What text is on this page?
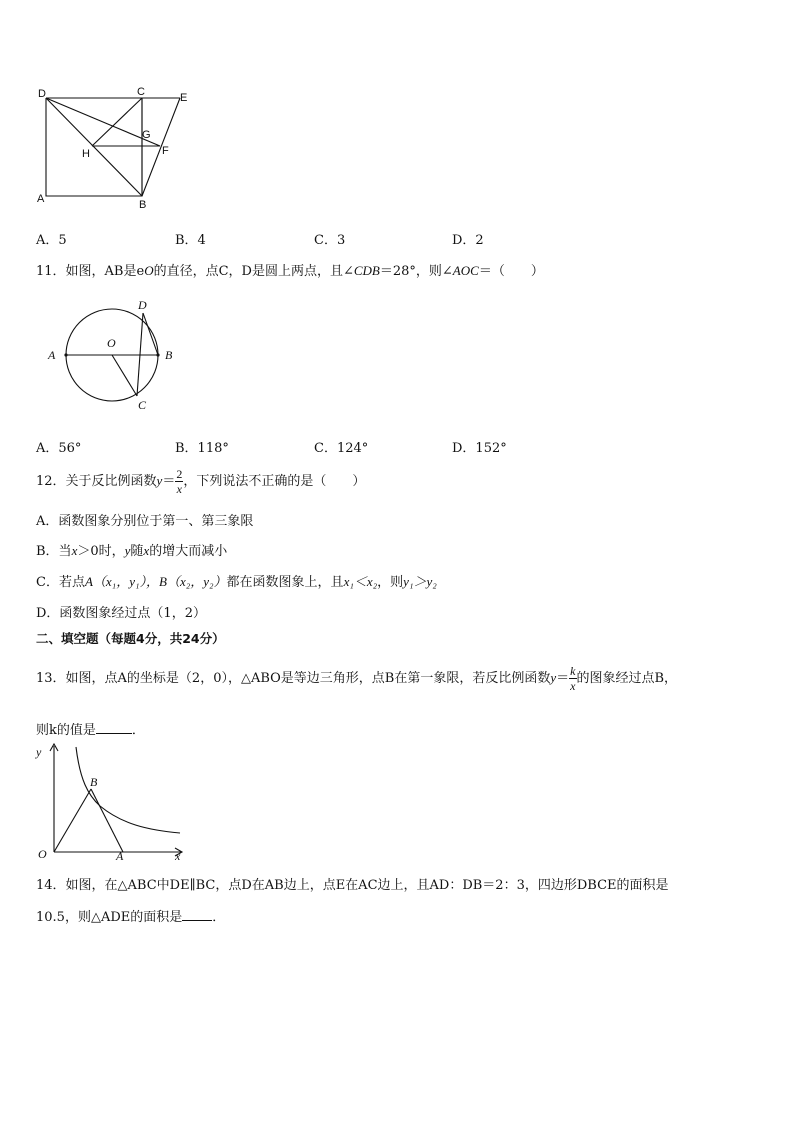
D	C	E
G
H	F
A	B
A．5	B．4	C．3	D．2
11．如图，AB是eO的直径，点C，D是圆上两点，且∠CDB＝28°，则∠AOC＝（　　）
A
O
B
C
D
A．56°	B．118°	C．124°	D．152°
12．关于反比例函数$y= \frac{2}{x}$ ，下列说法不正确的是（　　）
A．函数图象分别位于第一、第三象限
B．当x＞0时，y随x的增大而减小
C．若点A（x₁，y₁），B（x₂，y₂）都在函数图象上，且x₁＜x₂，则y₁＞y₂
D．函数图象经过点（1，2）
二、填空题（每题4分，共24分）
13．如图，点A的坐标是（2，0），△ABO是等边三角形，点B在第一象限，若反比例函数$y= \frac{k}{x}$ 的图象经过点B，
则k的值是	．
y
B
O	A	x
14．如图，在△ABC中DE∥BC，点D在AB边上，点E在AC边上，且AD：DB＝2：3，四边形DBCE的面积是
10.5，则△ADE的面积是 ．
